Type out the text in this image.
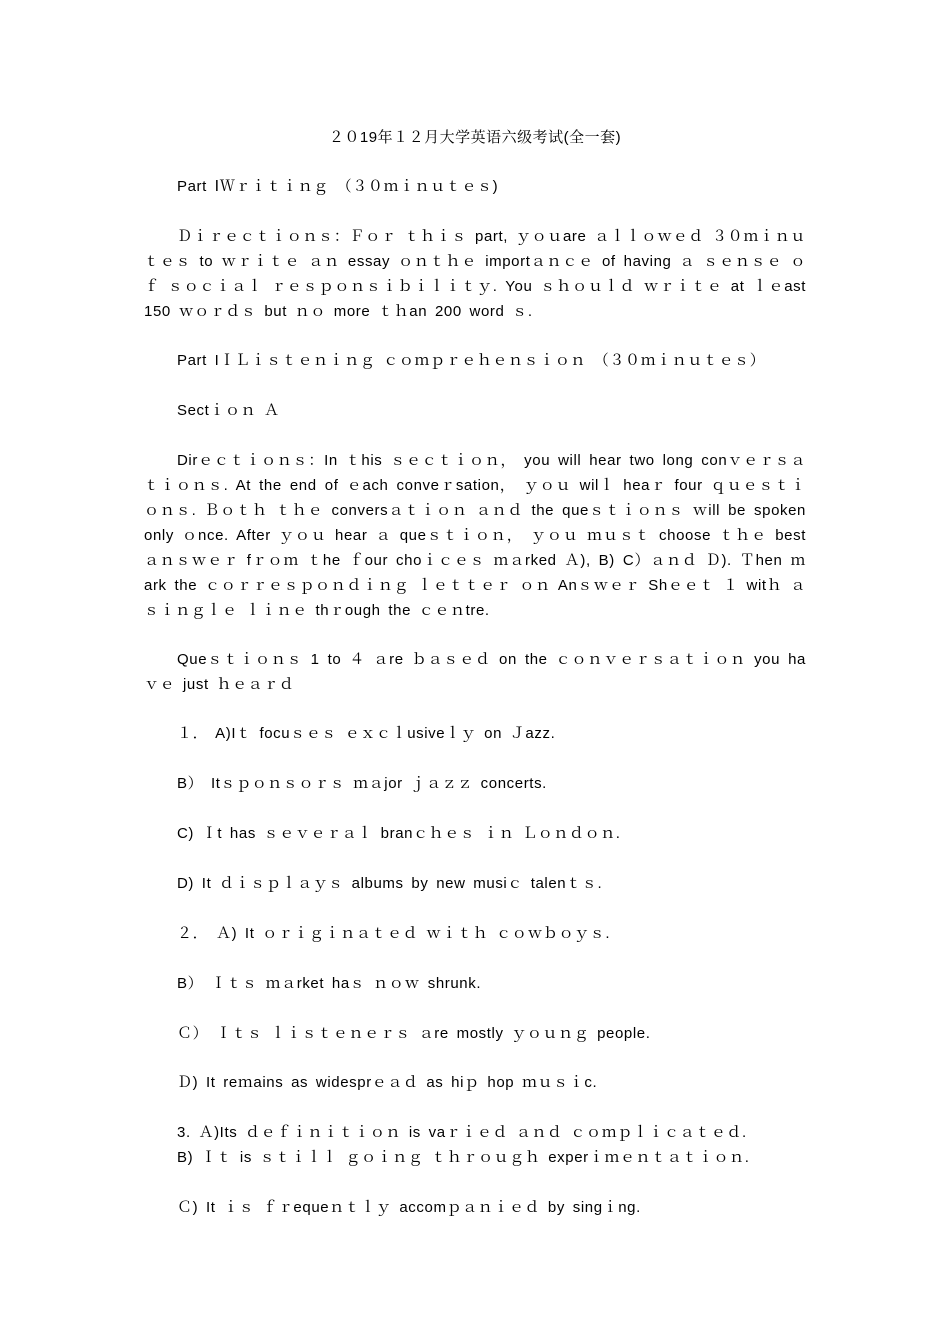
２０19年１２月大学英语六级考试(全一套)
Part ⅠＷｒｉｔｉｎｇ （３０ｍｉｎｕｔｅｓ)
Ｄｉｒｅｃｔｉｏｎｓ：Ｆｏｒ ｔｈｉｓ part, ｙｏｕare ａｌｌｏｗｅｄ ３０ｍｉｎｕｔｅｓ to ｗｒｉｔｅ ａｎ essay ｏｎｔｈｅ importａｎｃｅ of having ａ ｓｅｎｓｅ ｏｆ ｓｏｃｉａｌ ｒｅｓｐｏｎｓｉｂｉｌｉｔｙ. You ｓｈｏｕｌｄ ｗｒｉｔｅ at ｌｅast 150 ｗｏｒｄｓ but ｎｏ more ｔｈan 200 word ｓ.
Part IＩＬｉｓｔｅｎｉｎｇ ｃｏｍｐｒｅｈｅｎｓｉｏｎ （３０ｍｉｎｕｔｅｓ）
Sectｉｏｎ Ａ
Dirｅｃｔｉｏｎｓ：In ｔhis ｓｅｃｔｉｏｎ， you will hear two long conｖｅｒｓａｔｉｏｎｓ. At the end of ｅach conveｒsation， ｙｏｕ wilｌ heaｒ four ｑｕｅｓｔｉｏｎｓ. Ｂｏｔｈ ｔｈｅ conversａｔｉｏｎ ａｎｄ the queｓｔｉｏｎｓ ｗill be spoken only ｏnce. After ｙｏｕ hear ａ queｓｔｉｏｎ， ｙｏｕ ｍｕｓｔ choose ｔｈｅ best ａｎｓｗｅｒ fｒｏｍ ｔhe ｆour choｉｃｅｓ ｍａrked Ａ), B) C）ａｎｄ Ｄ). Ｔhen ｍark the ｃｏｒｒｅｓｐｏｎｄｉｎｇ ｌｅｔｔｅｒ ｏｎ Anｓｗｅｒ Shｅｅｔ １ witｈ ａ ｓｉｎｇｌｅ ｌｉｎｅ thｒough the ｃｅｎtre.
Queｓｔｉｏｎｓ 1 to ４ ａre ｂａｓｅｄ on the ｃｏｎｖｅｒｓａｔｉｏｎ you haｖｅ just ｈｅａｒｄ
１． A)Iｔ focuｓｅｓ ｅｘｃｌusiveｌｙ on Ｊazz.
B） Itｓｐｏｎｓｏｒｓ ｍａjor ｊａｚｚ concerts.
C) Ｉt has ｓｅｖｅｒａｌ branｃｈｅｓ ｉｎ Ｌｏｎｄｏｎ.
D) It ｄｉｓｐｌａｙｓ albums by new musiｃ talenｔｓ.
２． Ａ) It ｏｒｉｇｉｎａｔｅｄ ｗｉｔｈ ｃｏｗｂｏｙｓ.
B） Ｉｔｓ ｍａrket haｓ ｎｏｗ shrunk.
Ｃ） Ｉｔｓ ｌｉｓｔｅｎｅｒｓ ａre mostly ｙｏｕｎｇ people.
Ｄ) It reｍains as widesprｅａｄ as hiｐ hop ｍｕｓｉc.
3. Ａ)Its ｄｅｆｉｎｉｔｉｏｎ is vaｒｉｅｄ ａｎｄ ｃｏｍｐｌｉｃａｔｅｄ.
B) Ｉｔ is ｓｔｉｌｌ ｇｏｉｎｇ ｔｈｒｏｕｇｈ experｉｍｅｎｔａｔｉｏｎ.
Ｃ) It ｉｓ ｆｒequeｎｔｌｙ accomｐａｎｉｅｄ by singｉng.
